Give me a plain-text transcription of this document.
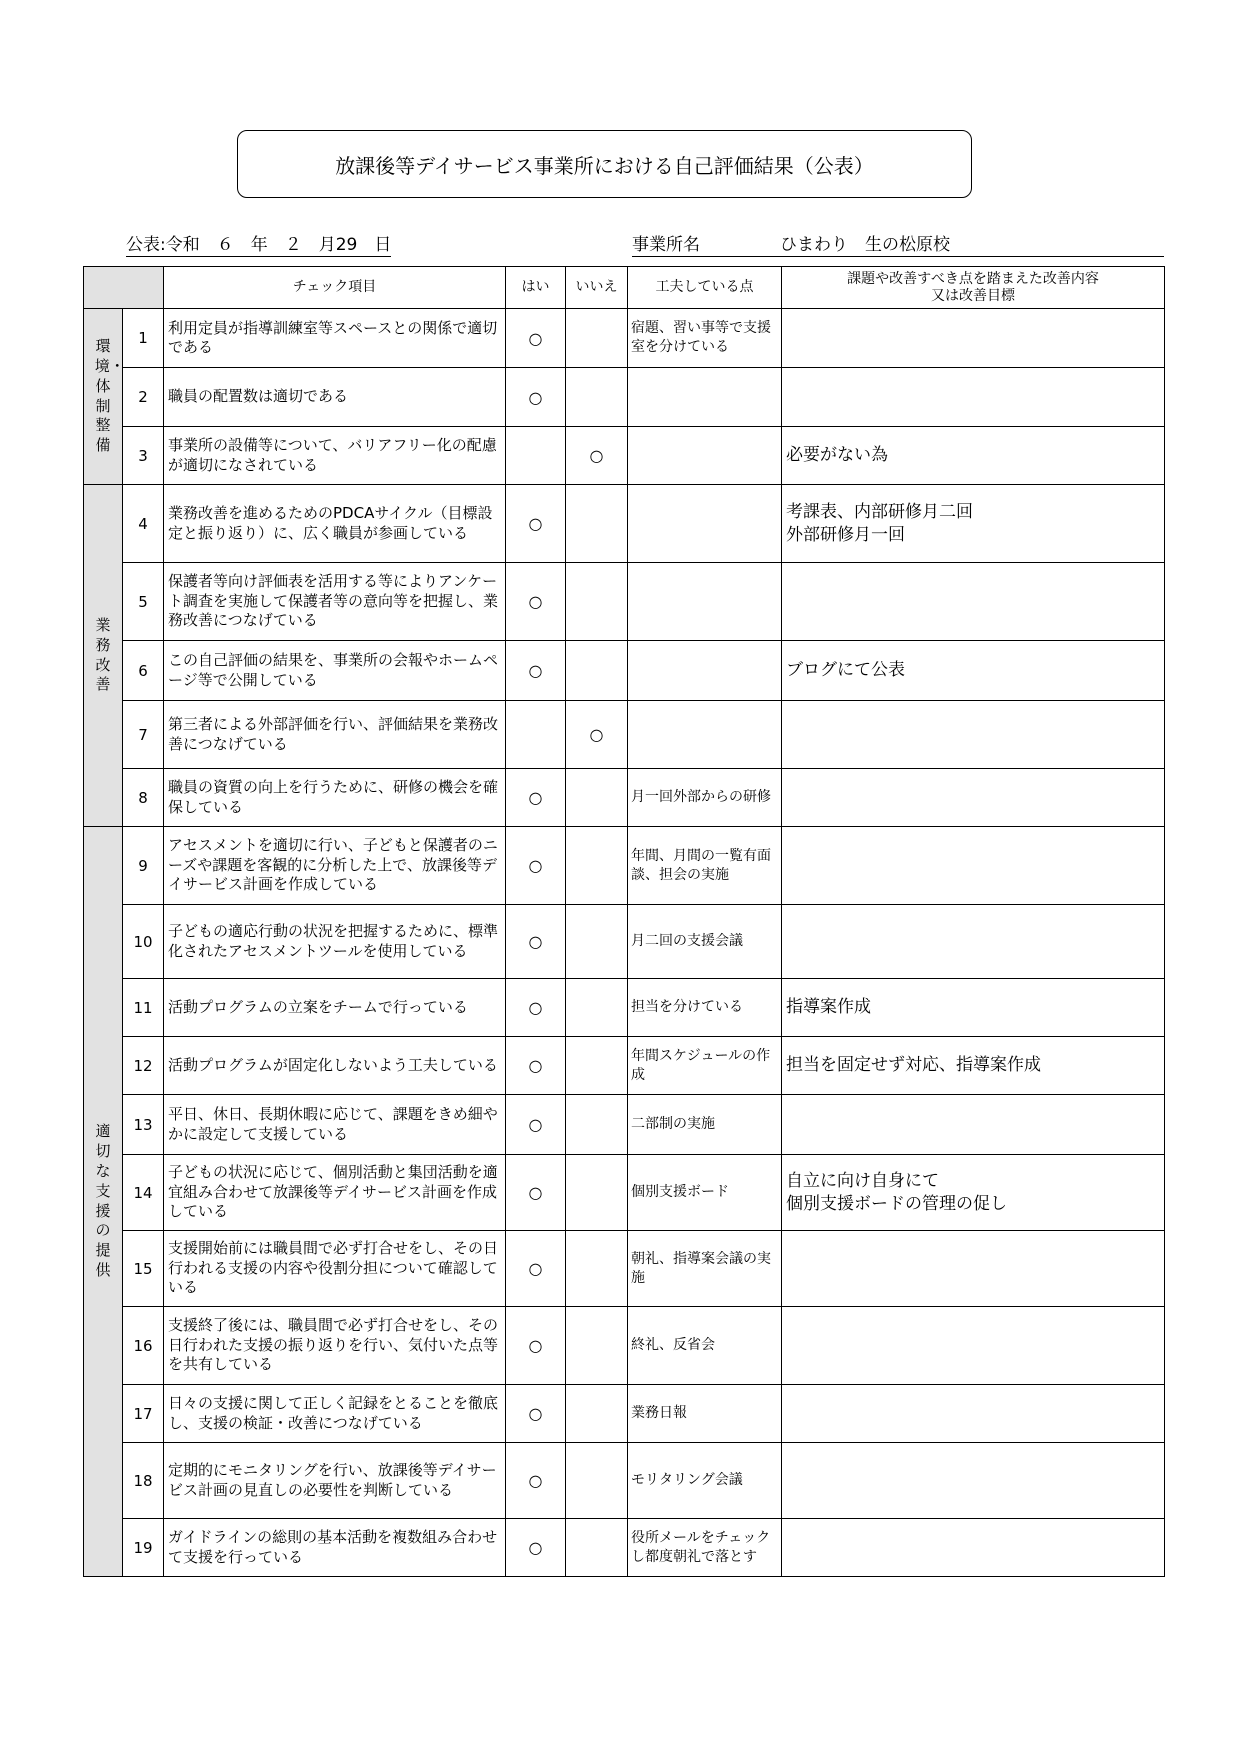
放課後等デイサービス事業所における自己評価結果（公表）
公表:令和　６　年　２　月29　日	事業所名	ひまわり　生の松原校
		チェック項目	はい	いいえ	工夫している点	課題や改善すべき点を踏まえた改善内容又は改善目標
環境・体制整備	1	利用定員が指導訓練室等スペースとの関係で適切である	○		宿題、習い事等で支援室を分けている	
	2	職員の配置数は適切である	○			
	3	事業所の設備等について、バリアフリー化の配慮が適切になされている		○		必要がない為
業務改善	4	業務改善を進めるためのPDCAサイクル（目標設定と振り返り）に、広く職員が参画している	○			考課表、内部研修月二回
外部研修月一回
	5	保護者等向け評価表を活用する等によりアンケート調査を実施して保護者等の意向等を把握し、業務改善につなげている	○			
	6	この自己評価の結果を、事業所の会報やホームページ等で公開している	○			ブログにて公表
	7	第三者による外部評価を行い、評価結果を業務改善につなげている		○		
	8	職員の資質の向上を行うために、研修の機会を確保している	○		月一回外部からの研修	
適切な支援の提供	9	アセスメントを適切に行い、子どもと保護者のニーズや課題を客観的に分析した上で、放課後等デイサービス計画を作成している	○		年間、月間の一覧有面談、担会の実施	
	10	子どもの適応行動の状況を把握するために、標準化されたアセスメントツールを使用している	○		月二回の支援会議	
	11	活動プログラムの立案をチームで行っている	○		担当を分けている	指導案作成
	12	活動プログラムが固定化しないよう工夫している	○		年間スケジュールの作成	担当を固定せず対応、指導案作成
	13	平日、休日、長期休暇に応じて、課題をきめ細やかに設定して支援している	○		二部制の実施	
	14	子どもの状況に応じて、個別活動と集団活動を適宜組み合わせて放課後等デイサービス計画を作成している	○		個別支援ボード	自立に向け自身にて
個別支援ボードの管理の促し
	15	支援開始前には職員間で必ず打合せをし、その日行われる支援の内容や役割分担について確認している	○		朝礼、指導案会議の実施	
	16	支援終了後には、職員間で必ず打合せをし、その日行われた支援の振り返りを行い、気付いた点等を共有している	○		終礼、反省会	
	17	日々の支援に関して正しく記録をとることを徹底し、支援の検証・改善につなげている	○		業務日報	
	18	定期的にモニタリングを行い、放課後等デイサービス計画の見直しの必要性を判断している	○		モリタリング会議	
	19	ガイドラインの総則の基本活動を複数組み合わせて支援を行っている	○		役所メールをチェックし都度朝礼で落とす	
